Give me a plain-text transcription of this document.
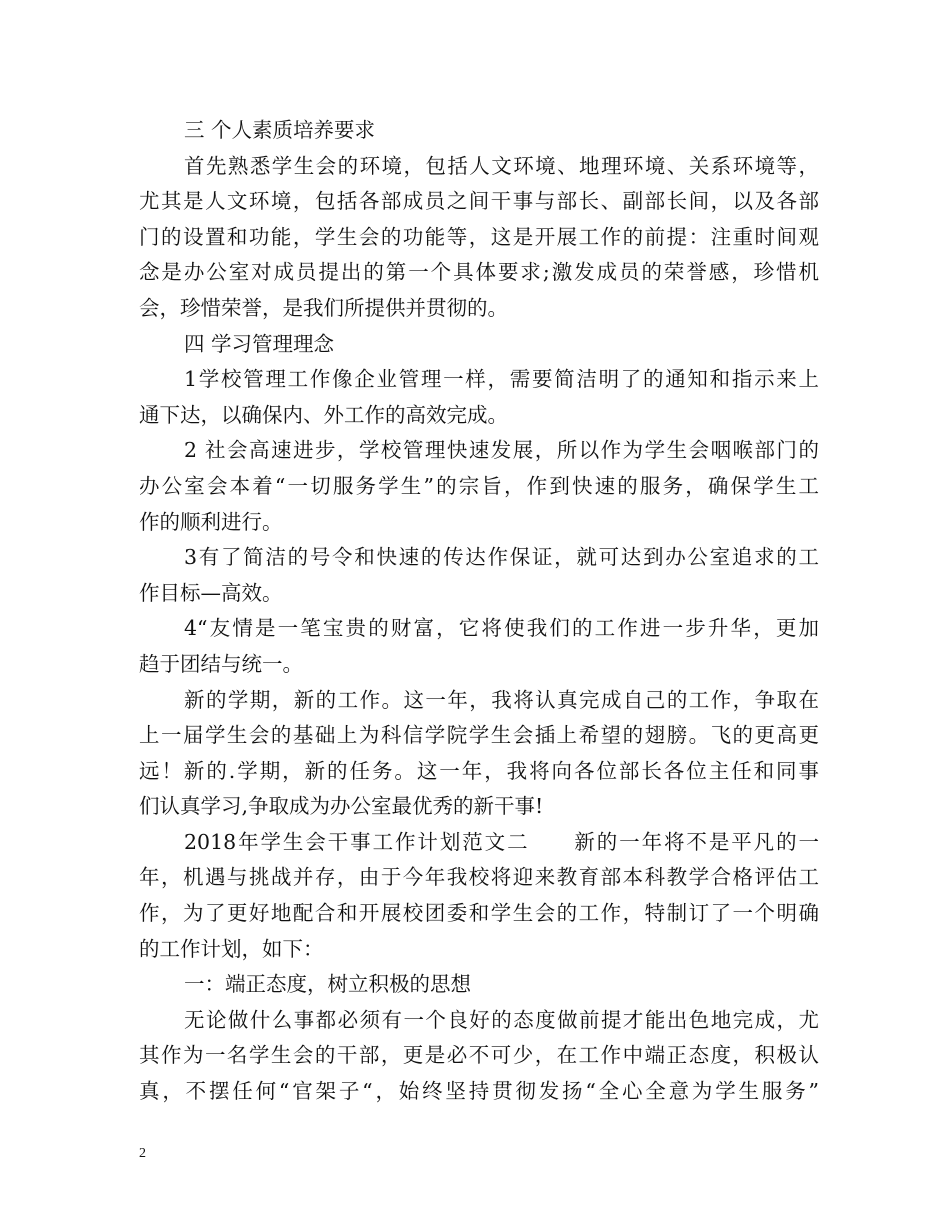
三 个人素质培养要求
首先熟悉学生会的环境，包括人文环境、地理环境、关系环境等，
尤其是人文环境，包括各部成员之间干事与部长、副部长间，以及各部
门的设置和功能，学生会的功能等，这是开展工作的前提：注重时间观
念是办公室对成员提出的第一个具体要求;激发成员的荣誉感，珍惜机
会，珍惜荣誉，是我们所提供并贯彻的。
四 学习管理理念
1学校管理工作像企业管理一样，需要简洁明了的通知和指示来上
通下达，以确保内、外工作的高效完成。
2 社会高速进步，学校管理快速发展，所以作为学生会咽喉部门的
办公室会本着“一切服务学生”的宗旨，作到快速的服务，确保学生工
作的顺利进行。
3有了简洁的号令和快速的传达作保证，就可达到办公室追求的工
作目标—高效。
4“友情是一笔宝贵的财富，它将使我们的工作进一步升华，更加
趋于团结与统一。
新的学期，新的工作。这一年，我将认真完成自己的工作，争取在
上一届学生会的基础上为科信学院学生会插上希望的翅膀。飞的更高更
远！新的.学期，新的任务。这一年，我将向各位部长各位主任和同事
们认真学习,争取成为办公室最优秀的新干事!
2018年学生会干事工作计划范文二　　新的一年将不是平凡的一
年，机遇与挑战并存，由于今年我校将迎来教育部本科教学合格评估工
作，为了更好地配合和开展校团委和学生会的工作，特制订了一个明确
的工作计划，如下：
一：端正态度，树立积极的思想
无论做什么事都必须有一个良好的态度做前提才能出色地完成，尤
其作为一名学生会的干部，更是必不可少，在工作中端正态度，积极认
真，不摆任何“官架子“，始终坚持贯彻发扬“全心全意为学生服务”
2
